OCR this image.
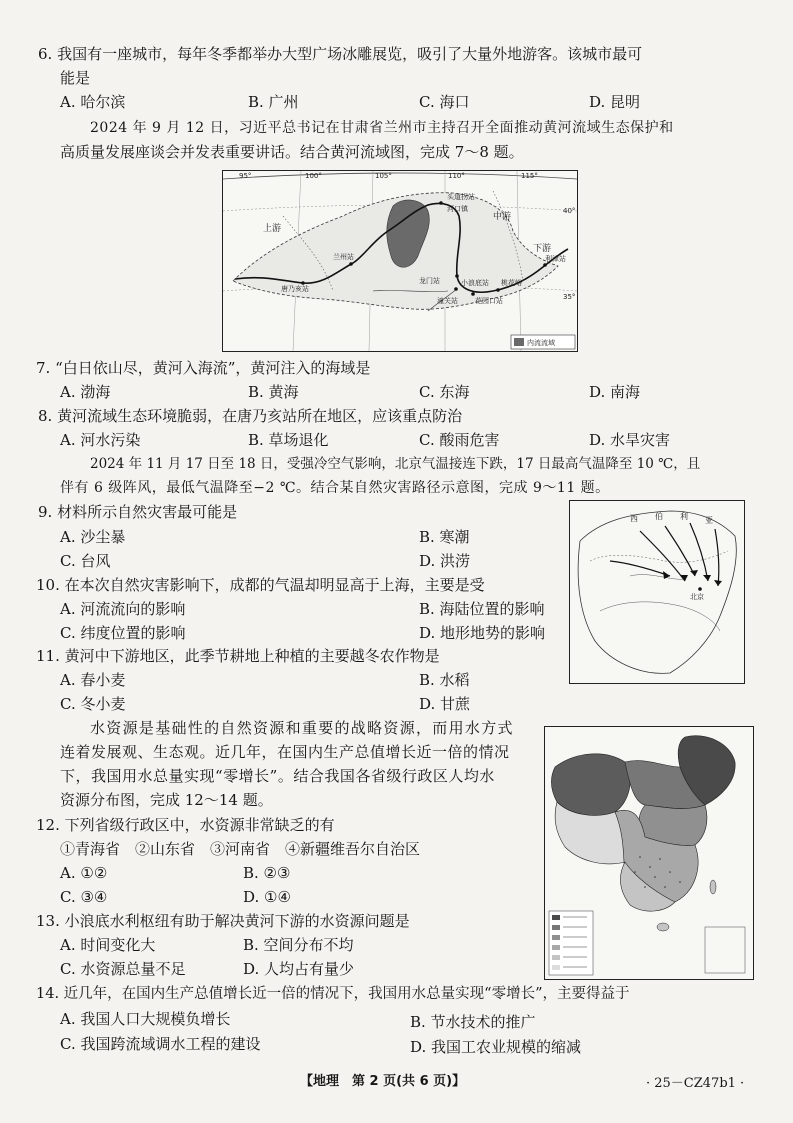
6. 我国有一座城市，每年冬季都举办大型广场冰雕展览，吸引了大量外地游客。该城市最可
能是
A. 哈尔滨	B. 广州	C. 海口	D. 昆明
2024 年 9 月 12 日，习近平总书记在甘肃省兰州市主持召开全面推动黄河流域生态保护和
高质量发展座谈会并发表重要讲话。结合黄河流域图，完成 7～8 题。
95°	100°	105°	110°	115°
40°
35°
上游
中游
下游
兰州站
唐乃亥站
河口镇
龙门站	小浪底站
潼关站 花园口站
利津站
头道拐站
桃花峪
内流流域
7. “白日依山尽，黄河入海流”，黄河注入的海域是
A. 渤海	B. 黄海	C. 东海	D. 南海
8. 黄河流域生态环境脆弱，在唐乃亥站所在地区，应该重点防治
A. 河水污染	B. 草场退化	C. 酸雨危害	D. 水旱灾害
2024 年 11 月 17 日至 18 日，受强冷空气影响，北京气温接连下跌，17 日最高气温降至 10 ℃，且
伴有 6 级阵风，最低气温降至−2 ℃。结合某自然灾害路径示意图，完成 9～11 题。
9. 材料所示自然灾害最可能是
A. 沙尘暴	B. 寒潮
C. 台风	D. 洪涝
西 伯 利 亚
北京
10. 在本次自然灾害影响下，成都的气温却明显高于上海，主要是受
A. 河流流向的影响	B. 海陆位置的影响
C. 纬度位置的影响	D. 地形地势的影响
11. 黄河中下游地区，此季节耕地上种植的主要越冬农作物是
A. 春小麦	B. 水稻
C. 冬小麦	D. 甘蔗
水资源是基础性的自然资源和重要的战略资源，而用水方式
连着发展观、生态观。近几年，在国内生产总值增长近一倍的情况
下，我国用水总量实现“零增长”。结合我国各省级行政区人均水
资源分布图，完成 12～14 题。
12. 下列省级行政区中，水资源非常缺乏的有
①青海省　②山东省　③河南省　④新疆维吾尔自治区
A. ①②	B. ②③
C. ③④	D. ①④
13. 小浪底水利枢纽有助于解决黄河下游的水资源问题是
A. 时间变化大	B. 空间分布不均
C. 水资源总量不足	D. 人均占有量少
14. 近几年，在国内生产总值增长近一倍的情况下，我国用水总量实现“零增长”，主要得益于
A. 我国人口大规模负增长	B. 节水技术的推广
C. 我国跨流域调水工程的建设	D. 我国工农业规模的缩减
【地理　第 2 页(共 6 页)】	· 25－CZ47b1 ·
